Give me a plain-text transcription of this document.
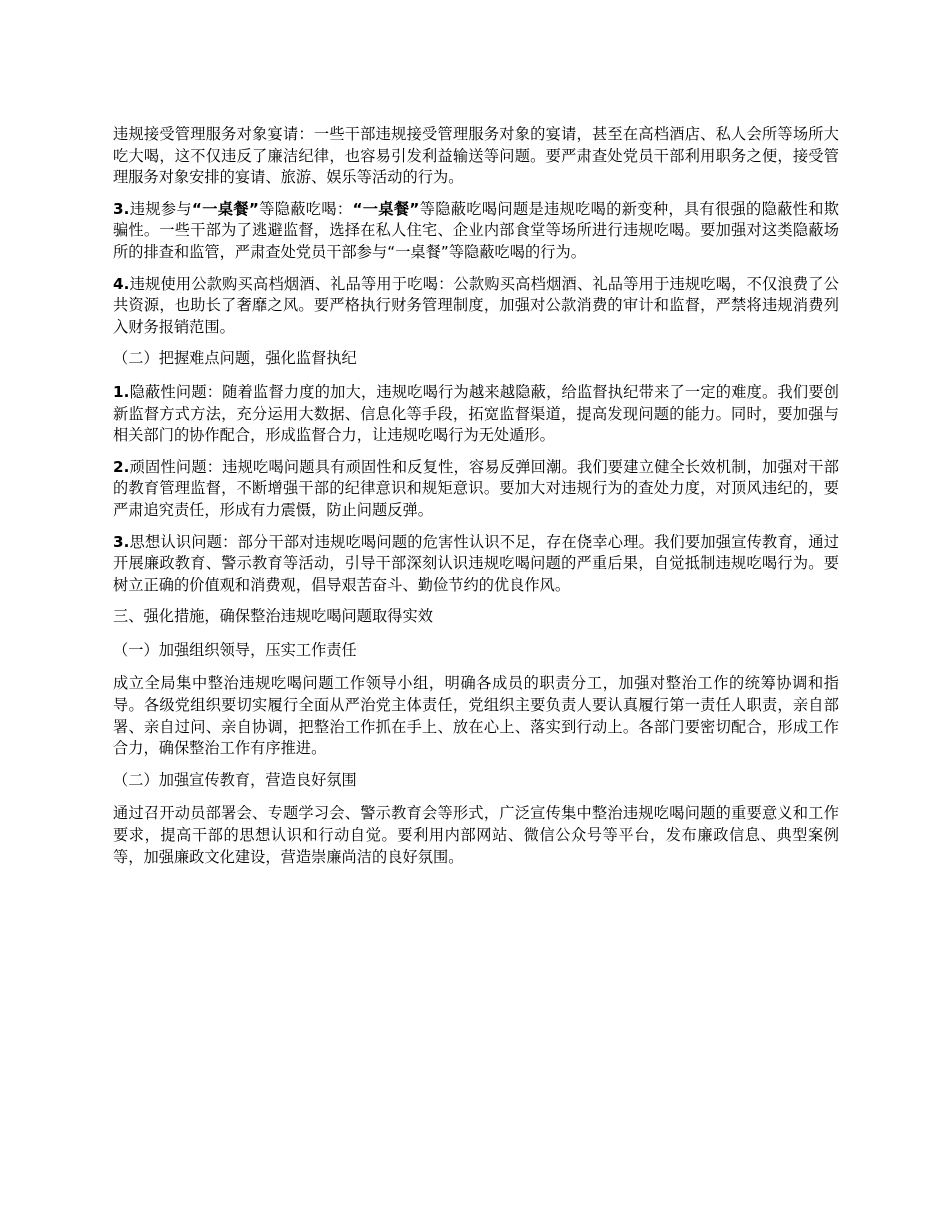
违规接受管理服务对象宴请：一些干部违规接受管理服务对象的宴请，甚至在高档酒店、私人会所等场所大吃大喝，这不仅违反了廉洁纪律，也容易引发利益输送等问题。要严肃查处党员干部利用职务之便，接受管理服务对象安排的宴请、旅游、娱乐等活动的行为。

3.违规参与“一桌餐”等隐蔽吃喝：“一桌餐”等隐蔽吃喝问题是违规吃喝的新变种，具有很强的隐蔽性和欺骗性。一些干部为了逃避监督，选择在私人住宅、企业内部食堂等场所进行违规吃喝。要加强对这类隐蔽场所的排查和监管，严肃查处党员干部参与“一桌餐”等隐蔽吃喝的行为。

4.违规使用公款购买高档烟酒、礼品等用于吃喝：公款购买高档烟酒、礼品等用于违规吃喝，不仅浪费了公共资源，也助长了奢靡之风。要严格执行财务管理制度，加强对公款消费的审计和监督，严禁将违规消费列入财务报销范围。

（二）把握难点问题，强化监督执纪

1.隐蔽性问题：随着监督力度的加大，违规吃喝行为越来越隐蔽，给监督执纪带来了一定的难度。我们要创新监督方式方法，充分运用大数据、信息化等手段，拓宽监督渠道，提高发现问题的能力。同时，要加强与相关部门的协作配合，形成监督合力，让违规吃喝行为无处遁形。

2.顽固性问题：违规吃喝问题具有顽固性和反复性，容易反弹回潮。我们要建立健全长效机制，加强对干部的教育管理监督，不断增强干部的纪律意识和规矩意识。要加大对违规行为的查处力度，对顶风违纪的，要严肃追究责任，形成有力震慑，防止问题反弹。

3.思想认识问题：部分干部对违规吃喝问题的危害性认识不足，存在侥幸心理。我们要加强宣传教育，通过开展廉政教育、警示教育等活动，引导干部深刻认识违规吃喝问题的严重后果，自觉抵制违规吃喝行为。要树立正确的价值观和消费观，倡导艰苦奋斗、勤俭节约的优良作风。

三、强化措施，确保整治违规吃喝问题取得实效

（一）加强组织领导，压实工作责任

成立全局集中整治违规吃喝问题工作领导小组，明确各成员的职责分工，加强对整治工作的统筹协调和指导。各级党组织要切实履行全面从严治党主体责任，党组织主要负责人要认真履行第一责任人职责，亲自部署、亲自过问、亲自协调，把整治工作抓在手上、放在心上、落实到行动上。各部门要密切配合，形成工作合力，确保整治工作有序推进。

（二）加强宣传教育，营造良好氛围

通过召开动员部署会、专题学习会、警示教育会等形式，广泛宣传集中整治违规吃喝问题的重要意义和工作要求，提高干部的思想认识和行动自觉。要利用内部网站、微信公众号等平台，发布廉政信息、典型案例等，加强廉政文化建设，营造崇廉尚洁的良好氛围。
